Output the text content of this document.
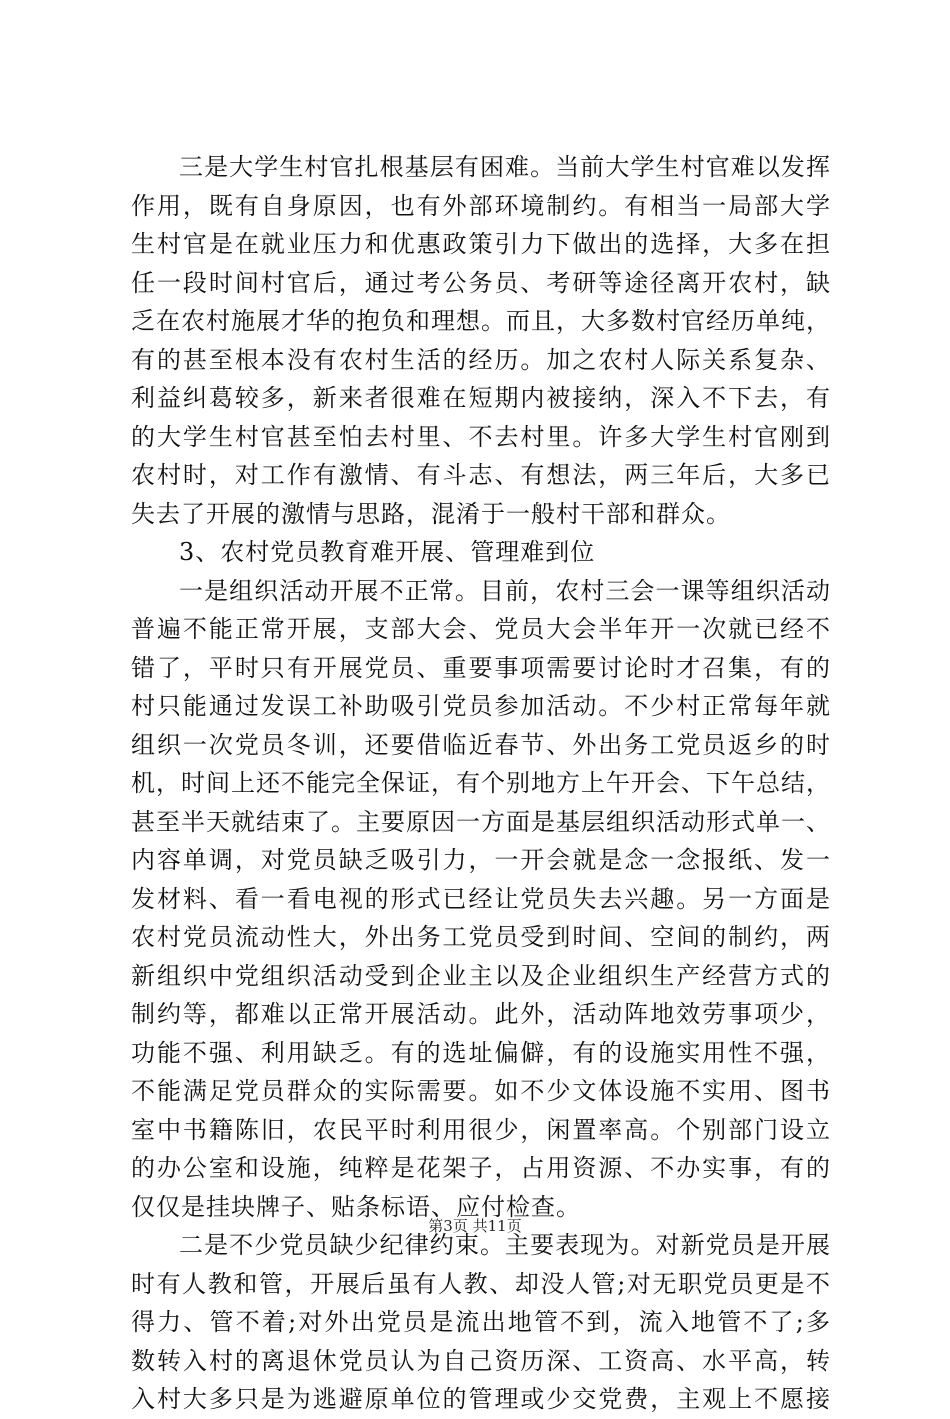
三是大学生村官扎根基层有困难。当前大学生村官难以发挥
作用，既有自身原因，也有外部环境制约。有相当一局部大学
生村官是在就业压力和优惠政策引力下做出的选择，大多在担
任一段时间村官后，通过考公务员、考研等途径离开农村，缺
乏在农村施展才华的抱负和理想。而且，大多数村官经历单纯，
有的甚至根本没有农村生活的经历。加之农村人际关系复杂、
利益纠葛较多，新来者很难在短期内被接纳，深入不下去，有
的大学生村官甚至怕去村里、不去村里。许多大学生村官刚到
农村时，对工作有激情、有斗志、有想法，两三年后，大多已
失去了开展的激情与思路，混淆于一般村干部和群众。
3、农村党员教育难开展、管理难到位
一是组织活动开展不正常。目前，农村三会一课等组织活动
普遍不能正常开展，支部大会、党员大会半年开一次就已经不
错了，平时只有开展党员、重要事项需要讨论时才召集，有的
村只能通过发误工补助吸引党员参加活动。不少村正常每年就
组织一次党员冬训，还要借临近春节、外出务工党员返乡的时
机，时间上还不能完全保证，有个别地方上午开会、下午总结，
甚至半天就结束了。主要原因一方面是基层组织活动形式单一、
内容单调，对党员缺乏吸引力，一开会就是念一念报纸、发一
发材料、看一看电视的形式已经让党员失去兴趣。另一方面是
农村党员流动性大，外出务工党员受到时间、空间的制约，两
新组织中党组织活动受到企业主以及企业组织生产经营方式的
制约等，都难以正常开展活动。此外，活动阵地效劳事项少，
功能不强、利用缺乏。有的选址偏僻，有的设施实用性不强，
不能满足党员群众的实际需要。如不少文体设施不实用、图书
室中书籍陈旧，农民平时利用很少，闲置率高。个别部门设立
的办公室和设施，纯粹是花架子，占用资源、不办实事，有的
仅仅是挂块牌子、贴条标语、应付检查。
二是不少党员缺少纪律约束。主要表现为。对新党员是开展
时有人教和管，开展后虽有人教、却没人管;对无职党员更是不
得力、管不着;对外出党员是流出地管不到，流入地管不了;多
数转入村的离退休党员认为自己资历深、工资高、水平高，转
入村大多只是为逃避原单位的管理或少交党费，主观上不愿接
第3页 共11页
